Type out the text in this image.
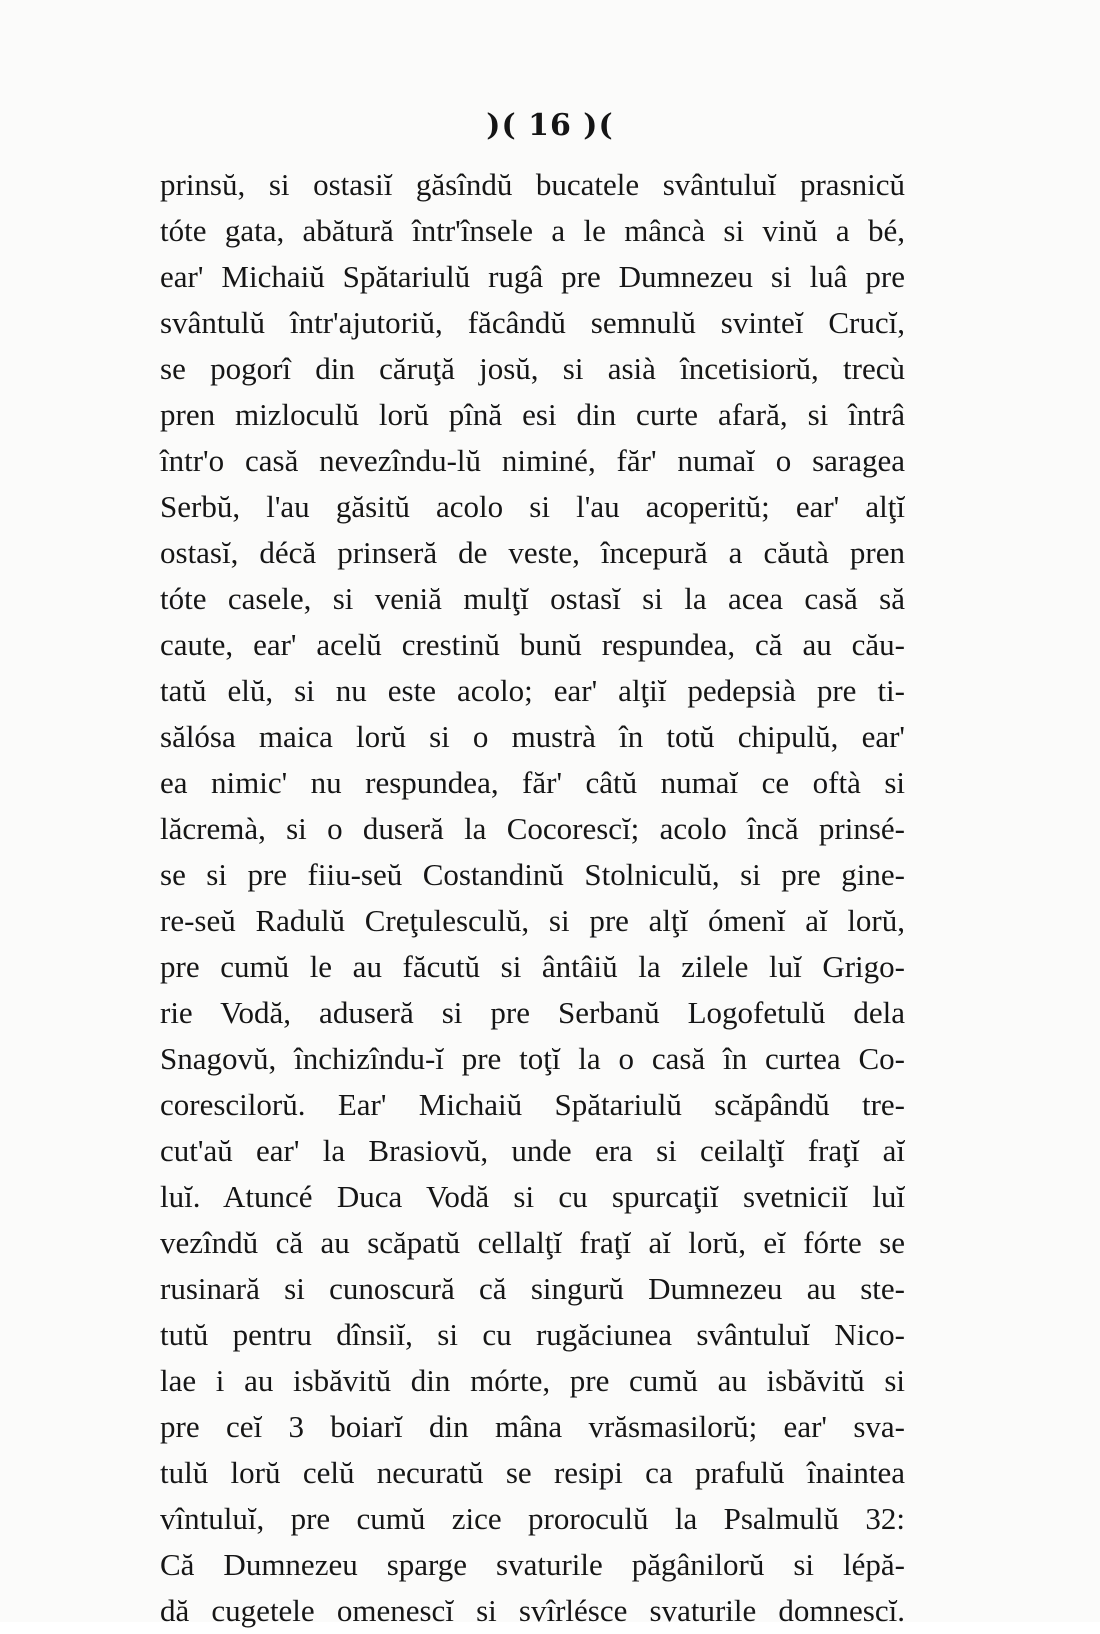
)( 16 )(
prinsŭ, si ostasiĭ găsîndŭ bucatele svântuluĭ prasnicŭ
tóte gata, abătură într'însele a le mâncà si vinŭ a bé,
ear' Michaiŭ Spătariulŭ rugâ pre Dumnezeu si luâ pre
svântulŭ într'ajutoriŭ, făcândŭ semnulŭ svinteĭ Crucĭ,
se pogorî din căruţă josŭ, si asià încetisiorŭ, trecù
pren mizloculŭ lorŭ pînă esi din curte afară, si întrâ
într'o casă nevezîndu-lŭ niminé, făr' numaĭ o saragea
Serbŭ, l'au găsitŭ acolo si l'au acoperitŭ; ear' alţĭ
ostasĭ, décă prinseră de veste, începură a căutà pren
tóte casele, si veniă mulţĭ ostasĭ si la acea casă să
caute, ear' acelŭ crestinŭ bunŭ respundea, că au cău-
tatŭ elŭ, si nu este acolo; ear' alţiĭ pedepsià pre ti-
sălósa maica lorŭ si o mustrà în totŭ chipulŭ, ear'
ea nimic' nu respundea, făr' câtŭ numaĭ ce oftà si
lăcremà, si o duseră la Cocorescĭ; acolo încă prinsé-
se si pre fiiu-seŭ Costandinŭ Stolniculŭ, si pre gine-
re-seŭ Radulŭ Creţulesculŭ, si pre alţĭ ómenĭ aĭ lorŭ,
pre cumŭ le au făcutŭ si ântâiŭ la zilele luĭ Grigo-
rie Vodă, aduseră si pre Serbanŭ Logofetulŭ dela
Snagovŭ, închizîndu-ĭ pre toţĭ la o casă în curtea Co-
corescilorŭ. Ear' Michaiŭ Spătariulŭ scăpândŭ tre-
cut'aŭ ear' la Brasiovŭ, unde era si ceilalţĭ fraţĭ aĭ
luĭ. Atuncé Duca Vodă si cu spurcaţiĭ svetniciĭ luĭ
vezîndŭ că au scăpatŭ cellalţĭ fraţĭ aĭ lorŭ, eĭ fórte se
rusinară si cunoscură că singurŭ Dumnezeu au ste-
tutŭ pentru dînsiĭ, si cu rugăciunea svântuluĭ Nico-
lae i au isbăvitŭ din mórte, pre cumŭ au isbăvitŭ si
pre ceĭ 3 boiarĭ din mâna vrăsmasilorŭ; ear' sva-
tulŭ lorŭ celŭ necuratŭ se resipi ca prafulŭ înaintea
vîntuluĭ, pre cumŭ zice proroculŭ la Psalmulŭ 32:
Că Dumnezeu sparge svaturile păgânilorŭ si lépă-
dă cugetele omenescĭ si svîrlésce svaturile domnescĭ.
